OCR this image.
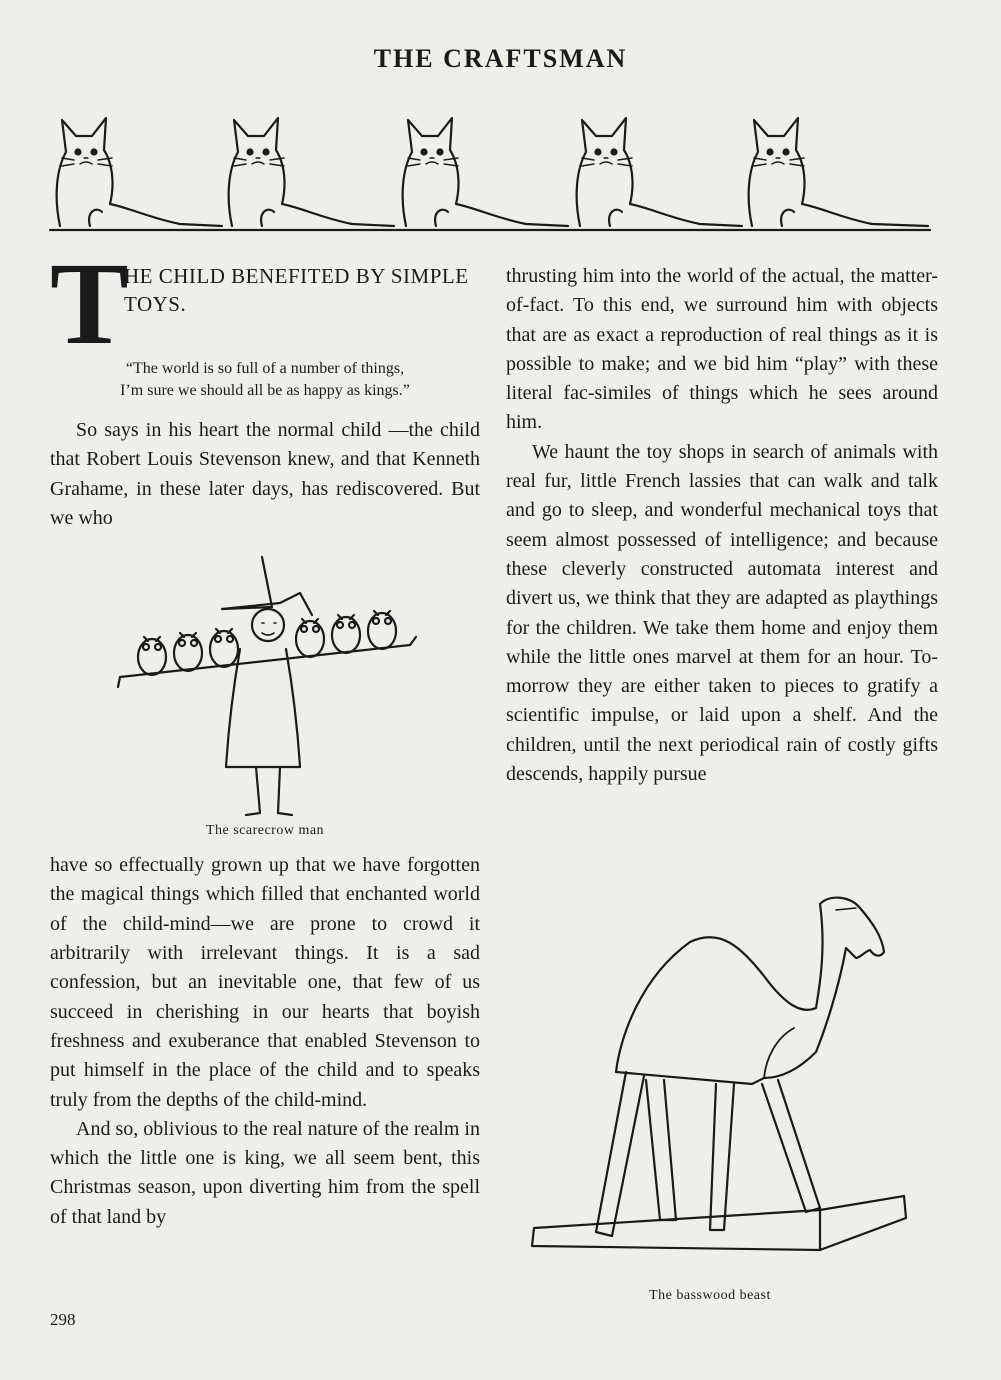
THE CRAFTSMAN
T
HE CHILD BENEFITED BY SIMPLE TOYS.
“The world is so full of a number of things,
I’m sure we should all be as happy as kings.”

So says in his heart the normal child —the child that Robert Louis Stevenson knew, and that Kenneth Grahame, in these later days, has rediscovered. But we who

The scarecrow man

have so effectually grown up that we have forgotten the magical things which filled that enchanted world of the child-mind—we are prone to crowd it arbitrarily with irrelevant things. It is a sad confession, but an inevitable one, that few of us succeed in cherishing in our hearts that boyish freshness and exuberance that enabled Stevenson to put himself in the place of the child and to speaks truly from the depths of the child-mind.

And so, oblivious to the real nature of the realm in which the little one is king, we all seem bent, this Christmas season, upon diverting him from the spell of that land by

thrusting him into the world of the actual, the matter-of-fact. To this end, we surround him with objects that are as exact a reproduction of real things as it is possible to make; and we bid him “play” with these literal fac-similes of things which he sees around him.

We haunt the toy shops in search of animals with real fur, little French lassies that can walk and talk and go to sleep, and wonderful mechanical toys that seem almost possessed of intelligence; and because these cleverly constructed automata interest and divert us, we think that they are adapted as playthings for the children. We take them home and enjoy them while the little ones marvel at them for an hour. To-morrow they are either taken to pieces to gratify a scientific impulse, or laid upon a shelf. And the children, until the next periodical rain of costly gifts descends, happily pursue

The basswood beast
298
